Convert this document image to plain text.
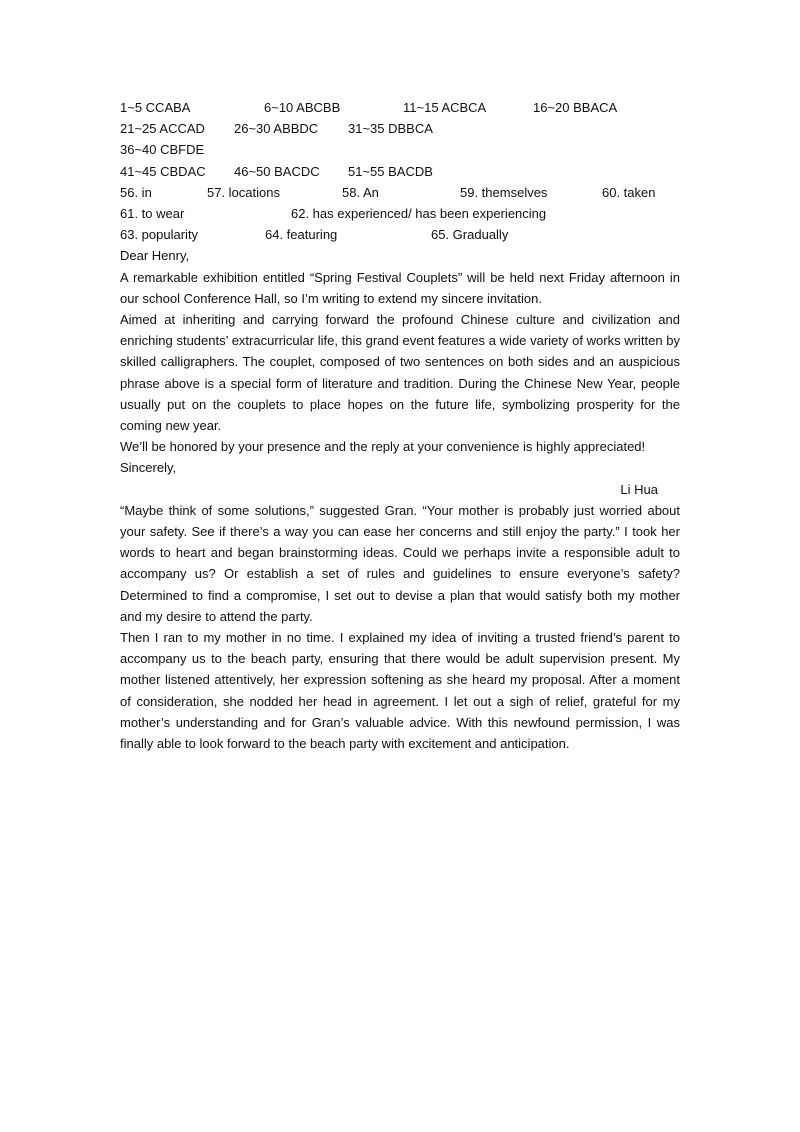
1~5 CCABA	6~10 ABCBB	11~15 ACBCA	16~20 BBACA
21~25 ACCAD 26~30 ABBDC 31~35 DBBCA
36~40 CBFDE
41~45 CBDAC 46~50 BACDC 51~55 BACDB
56. in	57. locations	58. An	59. themselves	60. taken
61. to wear	62. has experienced/ has been experiencing
63. popularity	64. featuring	65. Gradually
Dear Henry,

A remarkable exhibition entitled “Spring Festival Couplets” will be held next Friday afternoon in our school Conference Hall, so I’m writing to extend my sincere invitation.

Aimed at inheriting and carrying forward the profound Chinese culture and civilization and enriching students’ extracurricular life, this grand event features a wide variety of works written by skilled calligraphers. The couplet, composed of two sentences on both sides and an auspicious phrase above is a special form of literature and tradition. During the Chinese New Year, people usually put on the couplets to place hopes on the future life, symbolizing prosperity for the coming new year.

We’ll be honored by your presence and the reply at your convenience is highly appreciated!

Sincerely,
Li Hua

“Maybe think of some solutions,” suggested Gran. “Your mother is probably just worried about your safety. See if there’s a way you can ease her concerns and still enjoy the party.” I took her words to heart and began brainstorming ideas. Could we perhaps invite a responsible adult to accompany us? Or establish a set of rules and guidelines to ensure everyone’s safety? Determined to find a compromise, I set out to devise a plan that would satisfy both my mother and my desire to attend the party.

Then I ran to my mother in no time. I explained my idea of inviting a trusted friend’s parent to accompany us to the beach party, ensuring that there would be adult supervision present. My mother listened attentively, her expression softening as she heard my proposal. After a moment of consideration, she nodded her head in agreement. I let out a sigh of relief, grateful for my mother’s understanding and for Gran’s valuable advice. With this newfound permission, I was finally able to look forward to the beach party with excitement and anticipation.
